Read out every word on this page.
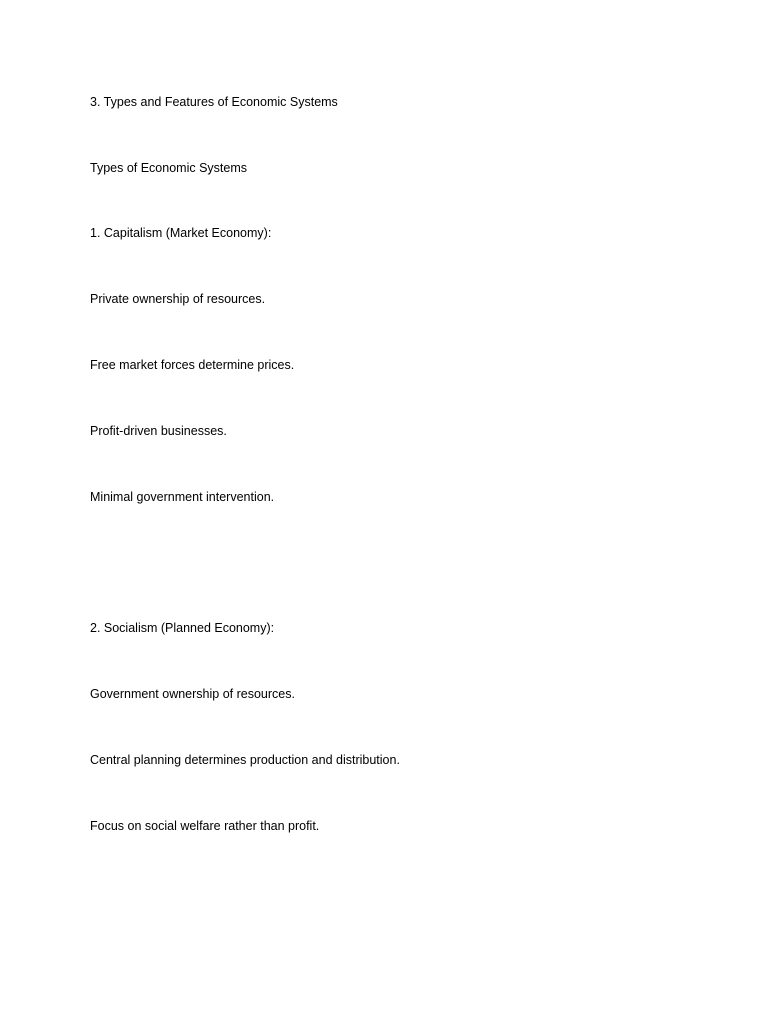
3. Types and Features of Economic Systems
Types of Economic Systems
1. Capitalism (Market Economy):
Private ownership of resources.
Free market forces determine prices.
Profit-driven businesses.
Minimal government intervention.
2. Socialism (Planned Economy):
Government ownership of resources.
Central planning determines production and distribution.
Focus on social welfare rather than profit.
